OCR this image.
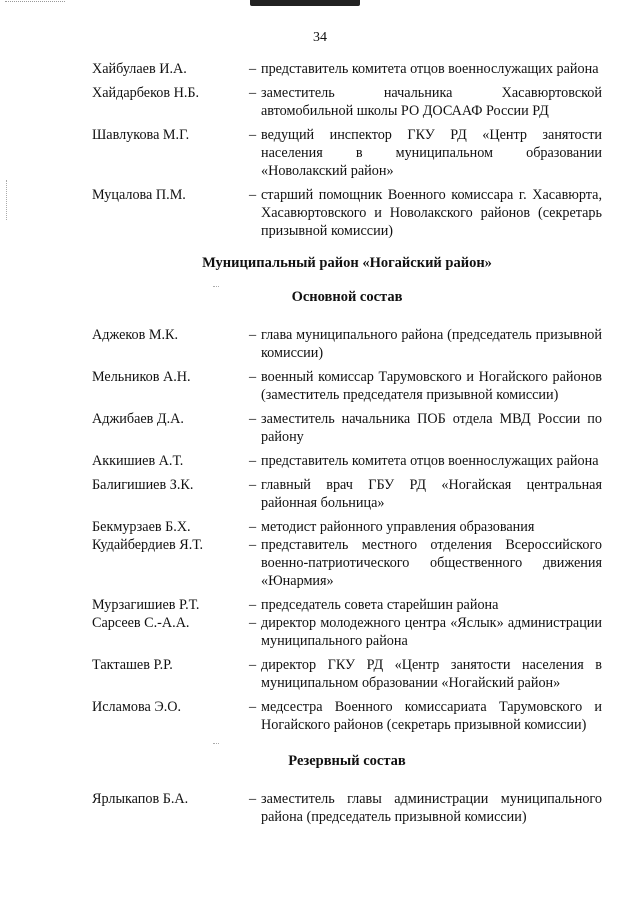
34
Хайбулаев И.А.	– представитель комитета отцов военнослужащих района
Хайдарбеков Н.Б.	– заместитель начальника Хасавюртовской автомобильной школы РО ДОСААФ России РД
Шавлукова М.Г.	– ведущий инспектор ГКУ РД «Центр занятости населения в муниципальном образовании «Новолакский район»
Муцалова П.М.	– старший помощник Военного комиссара г. Хасавюрта, Хасавюртовского и Новолакского районов (секретарь призывной комиссии)
Муниципальный район «Ногайский район»
Основной состав
Аджеков М.К.	– глава муниципального района (председатель призывной комиссии)
Мельников А.Н.	– военный комиссар Тарумовского и Ногайского районов (заместитель председателя призывной комиссии)
Аджибаев Д.А.	– заместитель начальника ПОБ отдела МВД России по району
Аккишиев А.Т.	– представитель комитета отцов военнослужащих района
Балигишиев З.К.	– главный врач ГБУ РД «Ногайская центральная районная больница»
Бекмурзаев Б.Х.	– методист районного управления образования
Кудайбердиев Я.Т.	– представитель местного отделения Всероссийского военно-патриотического общественного движения «Юнармия»
Мурзагишиев Р.Т.	– председатель совета старейшин района
Сарсеев С.-А.А.	– директор молодежного центра «Яслык» администрации муниципального района
Такташев Р.Р.	– директор ГКУ РД «Центр занятости населения в муниципальном образовании «Ногайский район»
Исламова Э.О.	– медсестра Военного комиссариата Тарумовского и Ногайского районов (секретарь призывной комиссии)
Резервный состав
Ярлыкапов Б.А.	– заместитель главы администрации муниципального района (председатель призывной комиссии)
